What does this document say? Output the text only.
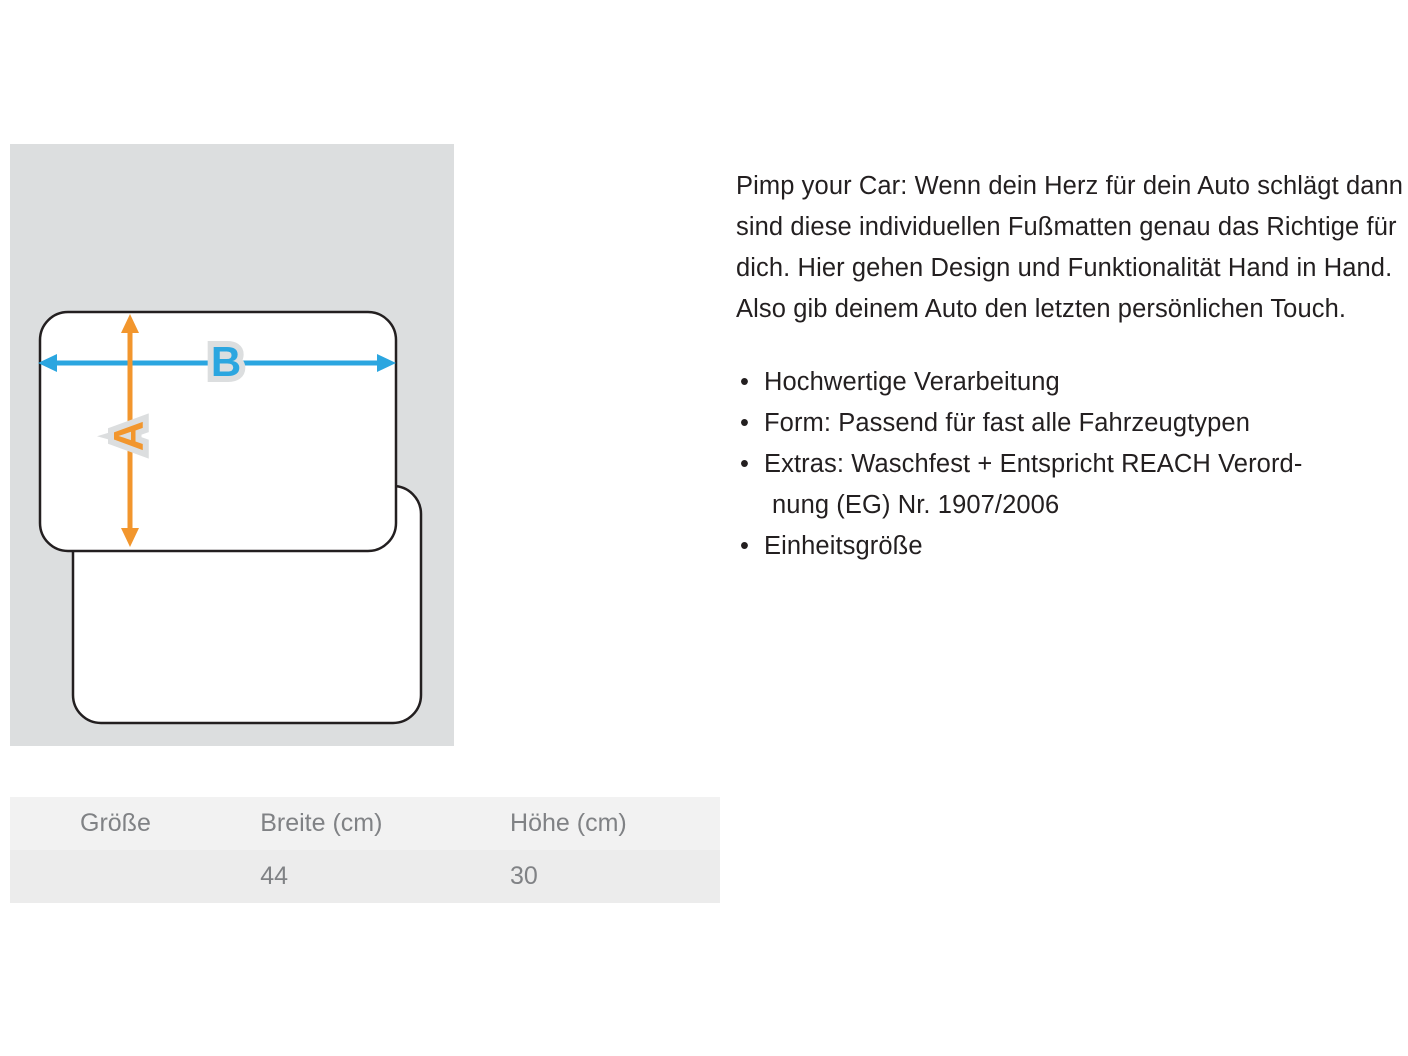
B
A

Pimp your Car: Wenn dein Herz für dein Auto schlägt dann sind diese individuellen Fußmatten genau das Richtige für dich. Hier gehen Design und Funktionalität Hand in Hand. Also gib deinem Auto den letzten persönlichen Touch.

• Hochwertige Verarbeitung
• Form: Passend für fast alle Fahrzeugtypen
• Extras: Waschfest + Entspricht REACH Verord-
nung (EG) Nr. 1907/2006
• Einheitsgröße
Größe	Breite (cm)	Höhe (cm)

	44	30
